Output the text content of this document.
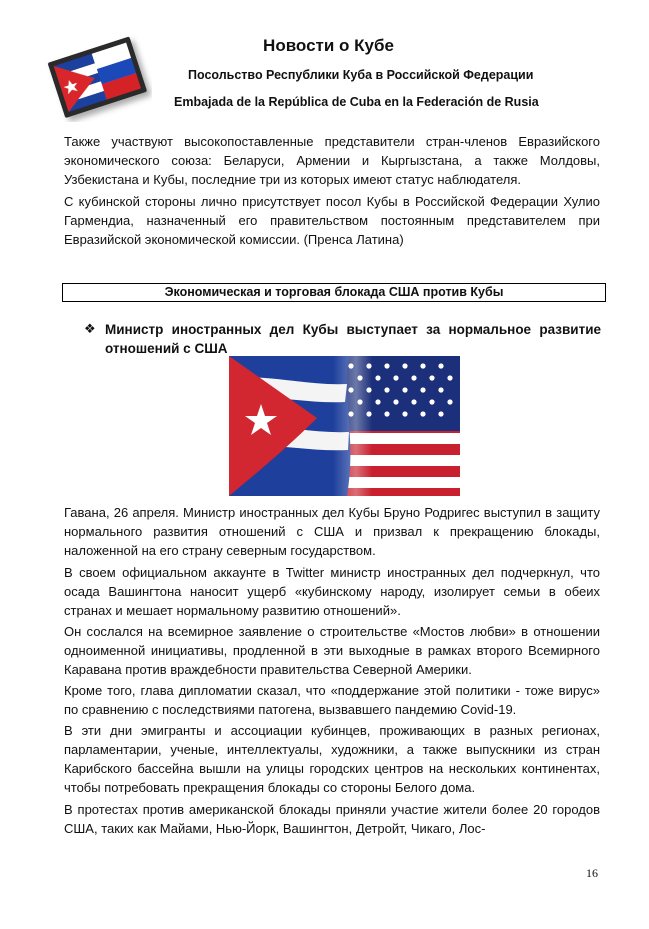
Новости о Кубе
Посольство Республики Куба в Российской Федерации
Embajada de la República de Cuba en la Federación de Rusia

Также участвуют высокопоставленные представители стран-членов Евразийского экономического союза: Беларуси, Армении и Кыргызстана, а также Молдовы, Узбекистана и Кубы, последние три из которых имеют статус наблюдателя.

С кубинской стороны лично присутствует посол Кубы в Российской Федерации Хулио Гармендиа, назначенный его правительством постоянным представителем при Евразийской экономической комиссии. (Пренса Латина)

Экономическая и торговая блокада США против Кубы
❖ Министр иностранных дел Кубы выступает за нормальное развитие отношений с США

Гавана, 26 апреля. Министр иностранных дел Кубы Бруно Родригес выступил в защиту нормального развития отношений с США и призвал к прекращению блокады, наложенной на его страну северным государством.

В своем официальном аккаунте в Twitter министр иностранных дел подчеркнул, что осада Вашингтона наносит ущерб «кубинскому народу, изолирует семьи в обеих странах и мешает нормальному развитию отношений».

Он сослался на всемирное заявление о строительстве «Мостов любви» в отношении одноименной инициативы, продленной в эти выходные в рамках второго Всемирного Каравана против враждебности правительства Северной Америки.

Кроме того, глава дипломатии сказал, что «поддержание этой политики - тоже вирус» по сравнению с последствиями патогена, вызвавшего пандемию Covid-19.

В эти дни эмигранты и ассоциации кубинцев, проживающих в разных регионах, парламентарии, ученые, интеллектуалы, художники, а также выпускники из стран Карибского бассейна вышли на улицы городских центров на нескольких континентах, чтобы потребовать прекращения блокады со стороны Белого дома.

В протестах против американской блокады приняли участие жители более 20 городов США, таких как Майами, Нью-Йорк, Вашингтон, Детройт, Чикаго, Лос-

16
